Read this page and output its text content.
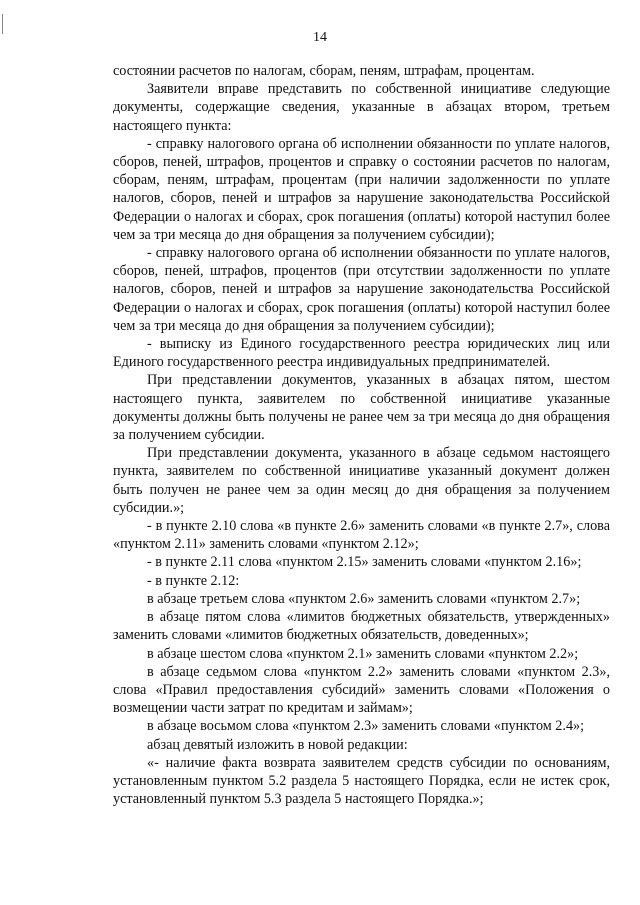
14

состоянии расчетов по налогам, сборам, пеням, штрафам, процентам.

Заявители вправе представить по собственной инициативе следующие документы, содержащие сведения, указанные в абзацах втором, третьем настоящего пункта:

- справку налогового органа об исполнении обязанности по уплате налогов, сборов, пеней, штрафов, процентов и справку о состоянии расчетов по налогам, сборам, пеням, штрафам, процентам (при наличии задолженности по уплате налогов, сборов, пеней и штрафов за нарушение законодательства Российской Федерации о налогах и сборах, срок погашения (оплаты) которой наступил более чем за три месяца до дня обращения за получением субсидии);

- справку налогового органа об исполнении обязанности по уплате налогов, сборов, пеней, штрафов, процентов (при отсутствии задолженности по уплате налогов, сборов, пеней и штрафов за нарушение законодательства Российской Федерации о налогах и сборах, срок погашения (оплаты) которой наступил более чем за три месяца до дня обращения за получением субсидии);

- выписку из Единого государственного реестра юридических лиц или Единого государственного реестра индивидуальных предпринимателей.

При представлении документов, указанных в абзацах пятом, шестом настоящего пункта, заявителем по собственной инициативе указанные документы должны быть получены не ранее чем за три месяца до дня обращения за получением субсидии.

При представлении документа, указанного в абзаце седьмом настоящего пункта, заявителем по собственной инициативе указанный документ должен быть получен не ранее чем за один месяц до дня обращения за получением субсидии.»;

- в пункте 2.10 слова «в пункте 2.6» заменить словами «в пункте 2.7», слова «пунктом 2.11» заменить словами «пунктом 2.12»;

- в пункте 2.11 слова «пунктом 2.15» заменить словами «пунктом 2.16»;

- в пункте 2.12:

в абзаце третьем слова «пунктом 2.6» заменить словами «пунктом 2.7»;

в абзаце пятом слова «лимитов бюджетных обязательств, утвержденных» заменить словами «лимитов бюджетных обязательств, доведенных»;

в абзаце шестом слова «пунктом 2.1» заменить словами «пунктом 2.2»;

в абзаце седьмом слова «пунктом 2.2» заменить словами «пунктом 2.3», слова «Правил предоставления субсидий» заменить словами «Положения о возмещении части затрат по кредитам и займам»;

в абзаце восьмом слова «пунктом 2.3» заменить словами «пунктом 2.4»;

абзац девятый изложить в новой редакции:

«- наличие факта возврата заявителем средств субсидии по основаниям, установленным пунктом 5.2 раздела 5 настоящего Порядка, если не истек срок, установленный пунктом 5.3 раздела 5 настоящего Порядка.»;
